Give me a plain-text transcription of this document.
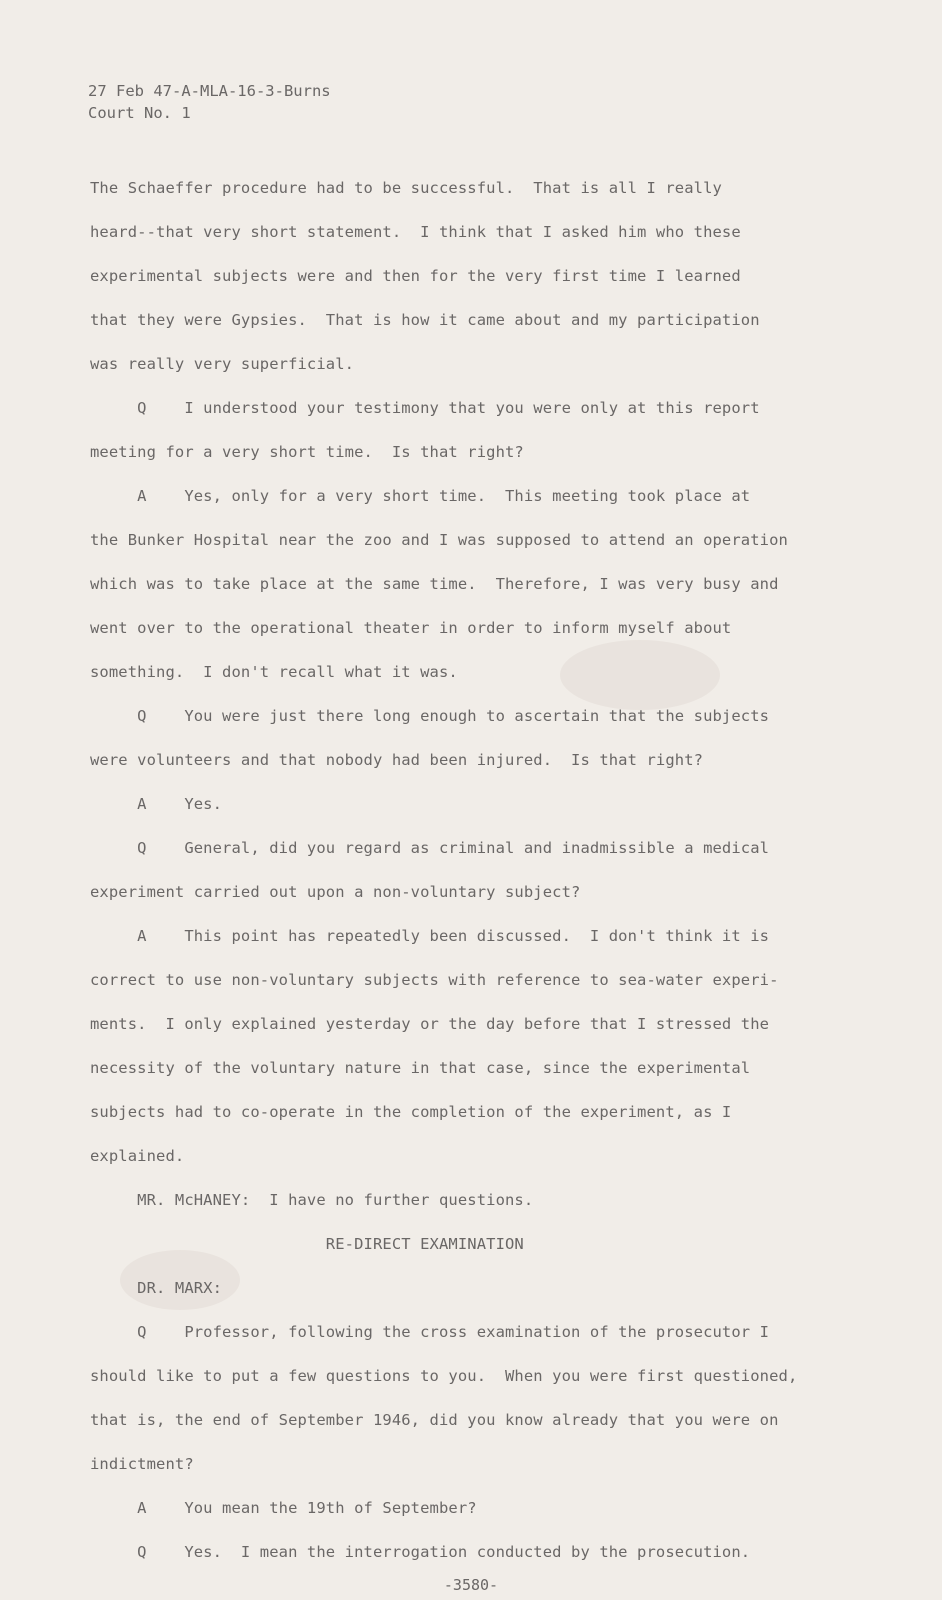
27 Feb 47-A-MLA-16-3-Burns
Court No. 1
The Schaeffer procedure had to be successful.  That is all I really
heard--that very short statement.  I think that I asked him who these
experimental subjects were and then for the very first time I learned
that they were Gypsies.  That is how it came about and my participation
was really very superficial.
Q    I understood your testimony that you were only at this report
meeting for a very short time.  Is that right?
A    Yes, only for a very short time.  This meeting took place at
the Bunker Hospital near the zoo and I was supposed to attend an operation
which was to take place at the same time.  Therefore, I was very busy and
went over to the operational theater in order to inform myself about
something.  I don't recall what it was.
Q    You were just there long enough to ascertain that the subjects
were volunteers and that nobody had been injured.  Is that right?
A    Yes.
Q    General, did you regard as criminal and inadmissible a medical
experiment carried out upon a non-voluntary subject?
A    This point has repeatedly been discussed.  I don't think it is
correct to use non-voluntary subjects with reference to sea-water experi-
ments.  I only explained yesterday or the day before that I stressed the
necessity of the voluntary nature in that case, since the experimental
subjects had to co-operate in the completion of the experiment, as I
explained.
MR. McHANEY:  I have no further questions.
RE-DIRECT EXAMINATION
DR. MARX:
Q    Professor, following the cross examination of the prosecutor I
should like to put a few questions to you.  When you were first questioned,
that is, the end of September 1946, did you know already that you were on
indictment?
A    You mean the 19th of September?
Q    Yes.  I mean the interrogation conducted by the prosecution.
-3580-
